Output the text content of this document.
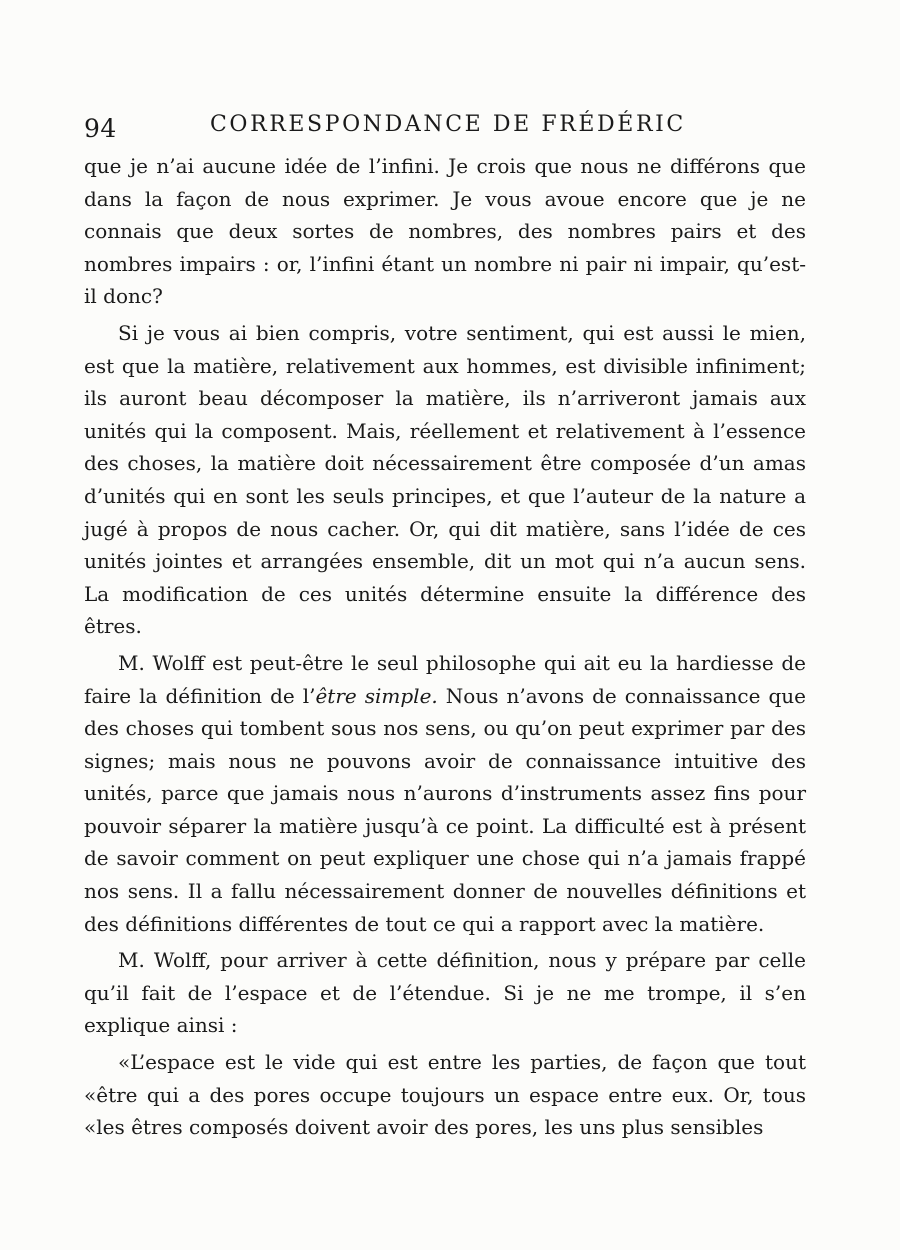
94	CORRESPONDANCE DE FRÉDÉRIC

que je n’ai aucune idée de l’infini. Je crois que nous ne différons que dans la façon de nous exprimer. Je vous avoue encore que je ne connais que deux sortes de nombres, des nombres pairs et des nombres impairs : or, l’infini étant un nombre ni pair ni impair, qu’est-il donc?

Si je vous ai bien compris, votre sentiment, qui est aussi le mien, est que la matière, relativement aux hommes, est divisible infiniment; ils auront beau décomposer la matière, ils n’arriveront jamais aux unités qui la composent. Mais, réellement et relativement à l’essence des choses, la matière doit nécessairement être composée d’un amas d’unités qui en sont les seuls principes, et que l’auteur de la nature a jugé à propos de nous cacher. Or, qui dit matière, sans l’idée de ces unités jointes et arrangées ensemble, dit un mot qui n’a aucun sens. La modification de ces unités détermine ensuite la différence des êtres.

M. Wolff est peut-être le seul philosophe qui ait eu la hardiesse de faire la définition de l’être simple. Nous n’avons de connaissance que des choses qui tombent sous nos sens, ou qu’on peut exprimer par des signes; mais nous ne pouvons avoir de connaissance intuitive des unités, parce que jamais nous n’aurons d’instruments assez fins pour pouvoir séparer la matière jusqu’à ce point. La difficulté est à présent de savoir comment on peut expliquer une chose qui n’a jamais frappé nos sens. Il a fallu nécessairement donner de nouvelles définitions et des définitions différentes de tout ce qui a rapport avec la matière.

M. Wolff, pour arriver à cette définition, nous y prépare par celle qu’il fait de l’espace et de l’étendue. Si je ne me trompe, il s’en explique ainsi :

«L’espace est le vide qui est entre les parties, de façon que tout «être qui a des pores occupe toujours un espace entre eux. Or, tous «les êtres composés doivent avoir des pores, les uns plus sensibles
